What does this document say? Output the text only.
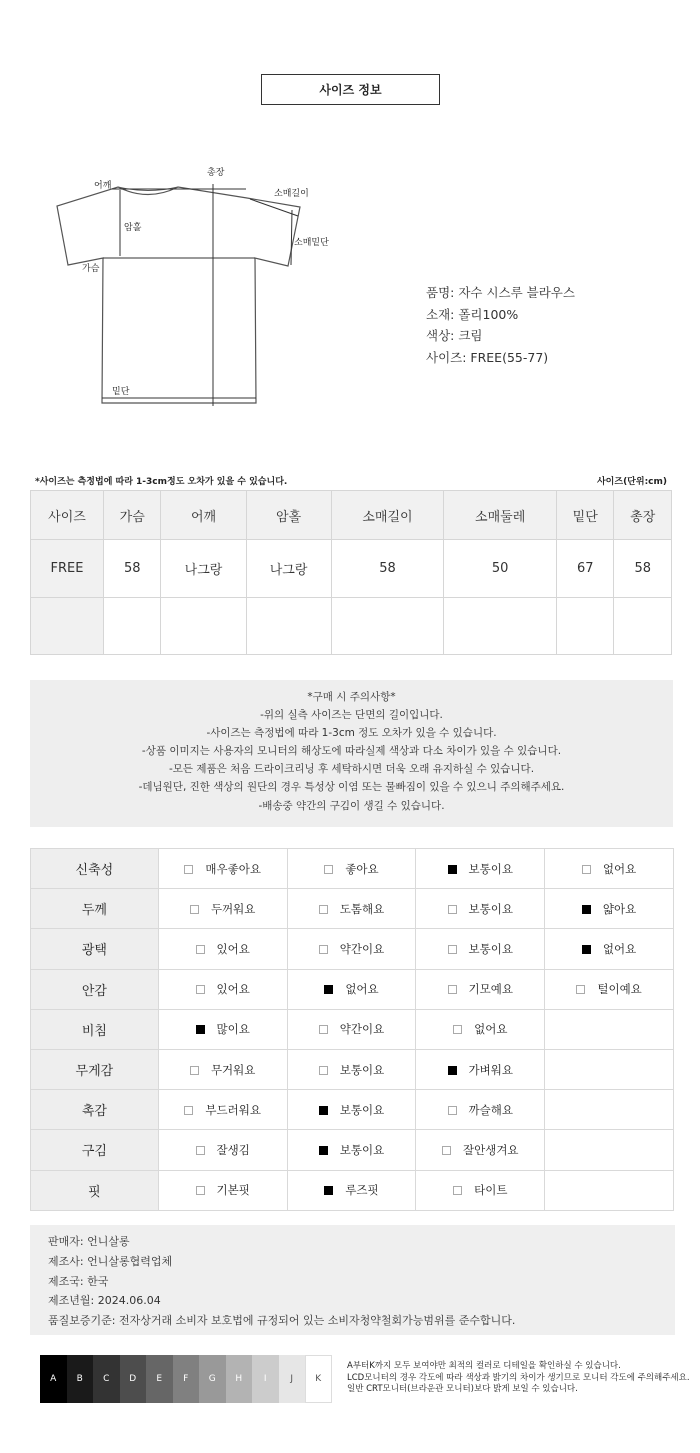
사이즈 정보
총장
어깨
소매길이
암홀
소매밑단
가슴
밑단
품명: 자수 시스루 블라우스
소재: 폴리100%
색상: 크림
사이즈: FREE(55-77)
*사이즈는 측정법에 따라 1-3cm정도 오차가 있을 수 있습니다.	사이즈(단위:cm)
사이즈	가슴	어깨	암홀	소매길이	소매둘레	밑단	총장
FREE	58	나그랑	나그랑	58	50	67	58

*구매 시 주의사항*
-위의 실측 사이즈는 단면의 길이입니다.
-사이즈는 측정법에 따라 1-3cm 정도 오차가 있을 수 있습니다.
-상품 이미지는 사용자의 모니터의 해상도에 따라실제 색상과 다소 차이가 있을 수 있습니다.
-모든 제품은 처음 드라이크리닝 후 세탁하시면 더욱 오래 유지하실 수 있습니다.
-데님원단, 진한 색상의 원단의 경우 특성상 이염 또는 물빠짐이 있을 수 있으니 주의해주세요.
-배송중 약간의 구김이 생길 수 있습니다.
신축성	매우좋아요	좋아요	보통이요	없어요
두께	두꺼워요	도톰해요	보통이요	얇아요
광택	있어요	약간이요	보통이요	없어요
안감	있어요	없어요	기모예요	털이예요
비침	많이요	약간이요	없어요	
무게감	무거워요	보통이요	가벼워요	
촉감	부드러워요	보통이요	까슬해요	
구김	잘생김	보통이요	잘안생겨요	
핏	기본핏	루즈핏	타이트	
판매자: 언니살롱
제조사: 언니살롱협력업체
제조국: 한국
제조년월: 2024.06.04
품질보증기준: 전자상거래 소비자 보호법에 규정되어 있는 소비자청약철회가능범위를 준수합니다.
A	B	C	D	E	F	G	H	I	J	K
A부터K까지 모두 보여야만 최적의 컬러로 디테일을 확인하실 수 있습니다.
LCD모니터의 경우 각도에 따라 색상과 밝기의 차이가 생기므로 모니터 각도에 주의해주세요.
일반 CRT모니터(브라운관 모니터)보다 밝게 보일 수 있습니다.
